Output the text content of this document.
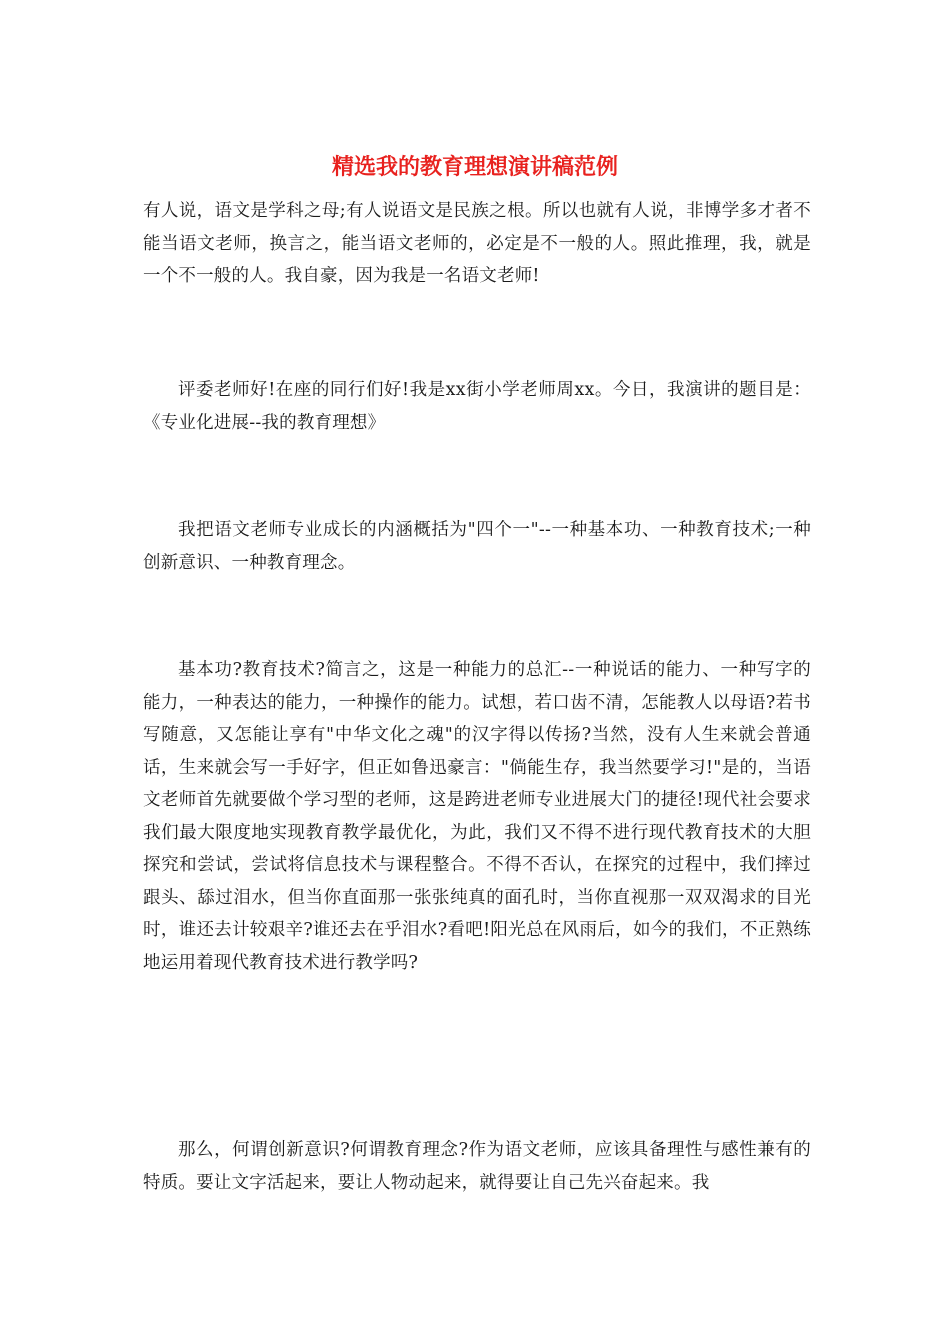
精选我的教育理想演讲稿范例

有人说，语文是学科之母;有人说语文是民族之根。所以也就有人说，非博学多才者不能当语文老师，换言之，能当语文老师的，必定是不一般的人。照此推理，我，就是一个不一般的人。我自豪，因为我是一名语文老师!

评委老师好!在座的同行们好!我是xx街小学老师周xx。今日，我演讲的题目是：《专业化进展--我的教育理想》

我把语文老师专业成长的内涵概括为"四个一"--一种基本功、一种教育技术;一种创新意识、一种教育理念。

基本功?教育技术?简言之，这是一种能力的总汇--一种说话的能力、一种写字的能力，一种表达的能力，一种操作的能力。试想，若口齿不清，怎能教人以母语?若书写随意，又怎能让享有"中华文化之魂"的汉字得以传扬?当然，没有人生来就会普通话，生来就会写一手好字，但正如鲁迅豪言："倘能生存，我当然要学习!"是的，当语文老师首先就要做个学习型的老师，这是跨进老师专业进展大门的捷径!现代社会要求我们最大限度地实现教育教学最优化，为此，我们又不得不进行现代教育技术的大胆探究和尝试，尝试将信息技术与课程整合。不得不否认，在探究的过程中，我们摔过跟头、舔过泪水，但当你直面那一张张纯真的面孔时，当你直视那一双双渴求的目光时，谁还去计较艰辛?谁还去在乎泪水?看吧!阳光总在风雨后，如今的我们，不正熟练地运用着现代教育技术进行教学吗?

那么，何谓创新意识?何谓教育理念?作为语文老师，应该具备理性与感性兼有的特质。要让文字活起来，要让人物动起来，就得要让自己先兴奋起来。我
